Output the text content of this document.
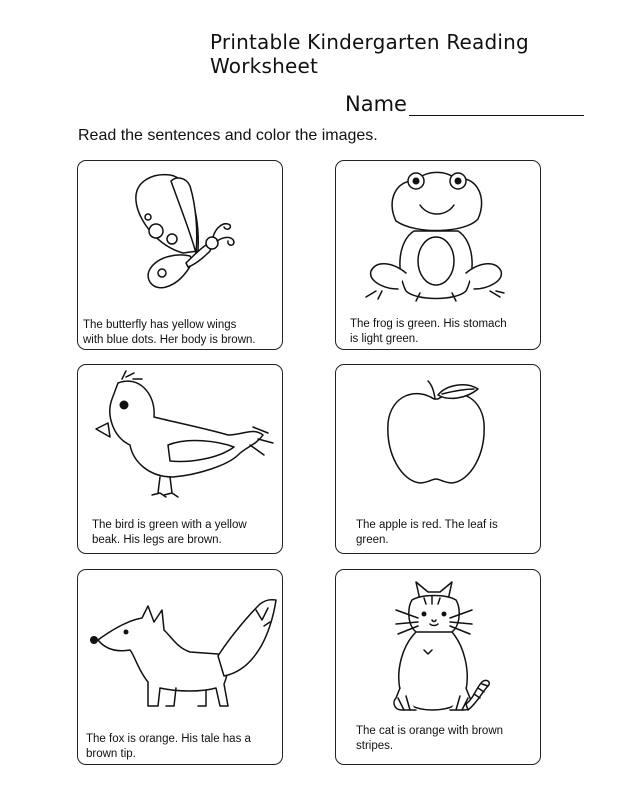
Printable Kindergarten Reading Worksheet
Name
Read the sentences and color the images.
The butterfly has yellow wings
with blue dots. Her body is brown.
The frog is green. His stomach
is light green.
The bird is green with a yellow
beak. His legs are brown.
The apple is red. The leaf is
green.
The fox is orange. His tale has a
brown tip.
The cat is orange with brown
stripes.
